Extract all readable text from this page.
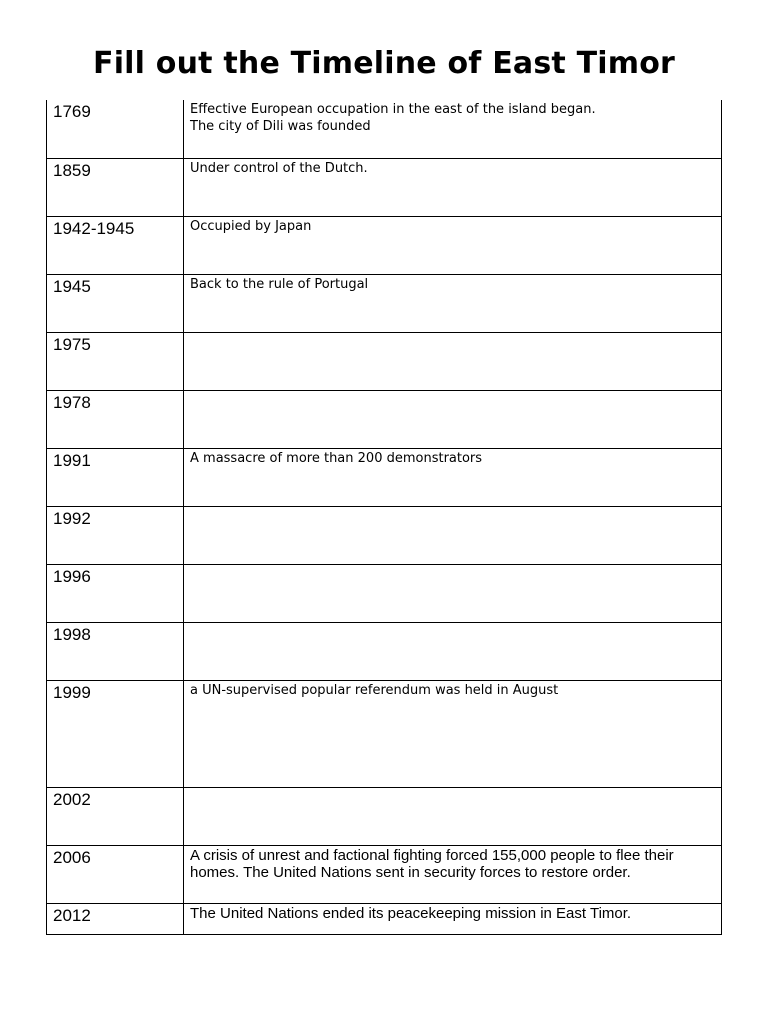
Fill out the Timeline of East Timor
1769	Effective European occupation in the east of the island began.
The city of Dili was founded
1859	Under control of the Dutch.
1942-1945	Occupied by Japan
1945	Back to the rule of Portugal
1975	
1978	
1991	A massacre of more than 200 demonstrators
1992	
1996	
1998	
1999	a UN-supervised popular referendum was held in August
2002	
2006	A crisis of unrest and factional fighting forced 155,000 people to flee their homes. The United Nations sent in security forces to restore order.
2012	The United Nations ended its peacekeeping mission in East Timor.
